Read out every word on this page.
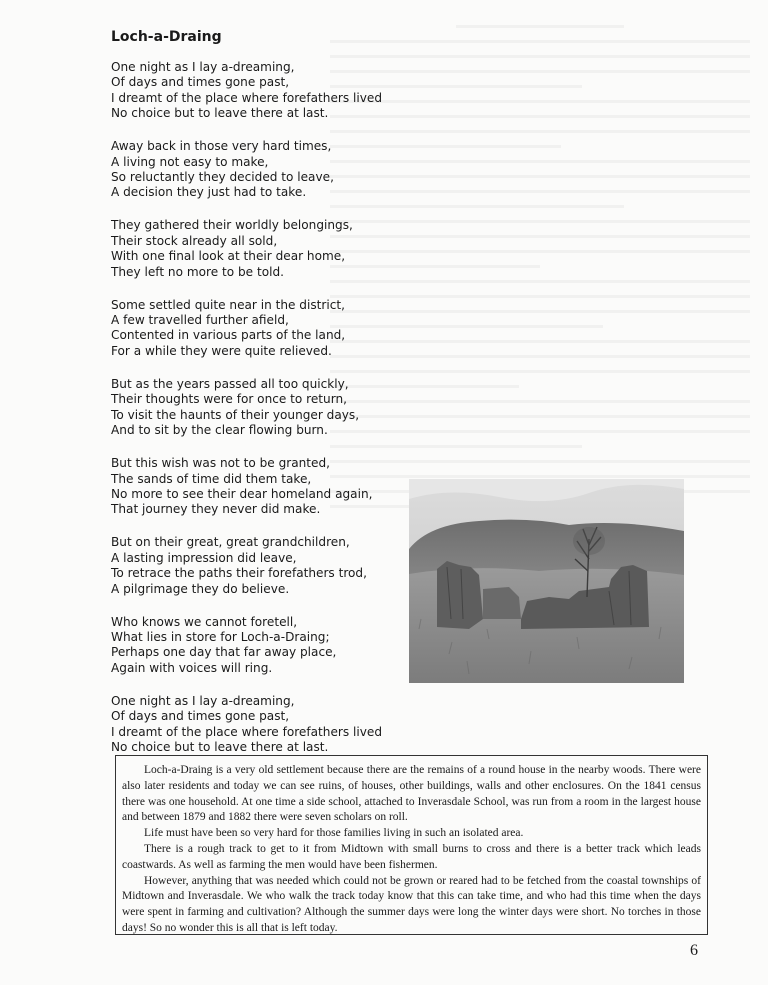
Loch-a-Draing
One night as I lay a-dreaming,
Of days and times gone past,
I dreamt of the place where forefathers lived
No choice but to leave there at last.
Away back in those very hard times,
A living not easy to make,
So reluctantly they decided to leave,
A decision they just had to take.
They gathered their worldly belongings,
Their stock already all sold,
With one final look at their dear home,
They left no more to be told.
Some settled quite near in the district,
A few travelled further afield,
Contented in various parts of the land,
For a while they were quite relieved.
But as the years passed all too quickly,
Their thoughts were for once to return,
To visit the haunts of their younger days,
And to sit by the clear flowing burn.
But this wish was not to be granted,
The sands of time did them take,
No more to see their dear homeland again,
That journey they never did make.
But on their great, great grandchildren,
A lasting impression did leave,
To retrace the paths their forefathers trod,
A pilgrimage they do believe.
Who knows we cannot foretell,
What lies in store for Loch-a-Draing;
Perhaps one day that far away place,
Again with voices will ring.
One night as I lay a-dreaming,
Of days and times gone past,
I dreamt of the place where forefathers lived
No choice but to leave there at last.

Loch-a-Draing is a very old settlement because there are the remains of a round house in the nearby woods. There were also later residents and today we can see ruins, of houses, other buildings, walls and other enclosures. On the 1841 census there was one household. At one time a side school, attached to Inverasdale School, was run from a room in the largest house and between 1879 and 1882 there were seven scholars on roll.

Life must have been so very hard for those families living in such an isolated area.

There is a rough track to get to it from Midtown with small burns to cross and there is a better track which leads coastwards. As well as farming the men would have been fishermen.

However, anything that was needed which could not be grown or reared had to be fetched from the coastal townships of Midtown and Inverasdale. We who walk the track today know that this can take time, and who had this time when the days were spent in farming and cultivation? Although the summer days were long the winter days were short. No torches in those days! So no wonder this is all that is left today.

6
